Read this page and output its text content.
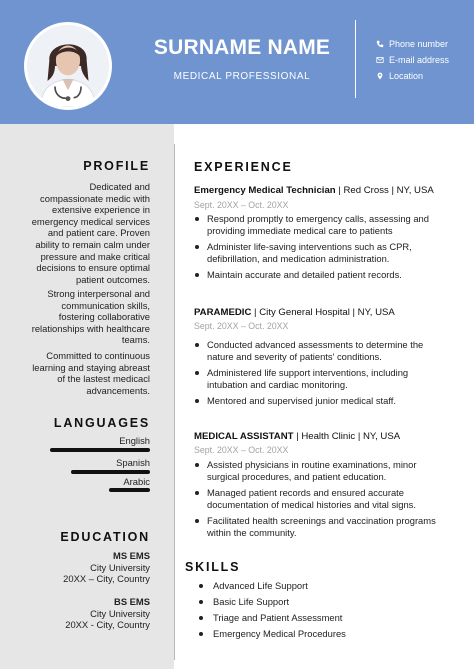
SURNAME NAME
MEDICAL PROFESSIONAL
Phone number
E-mail address
Location
PROFILE
Dedicated and
compassionate medic with
extensive experience in
emergency medical services
and patient care. Proven
ability to remain calm under
pressure and make critical
decisions to ensure optimal
patient outcomes.
Strong interpersonal and
communication skills,
fostering collaborative
relationships with healthcare
teams.
Committed to continuous
learning and staying abreast
of the lastest medicacl
advancements.
LANGUAGES
English
Spanish
Arabic
EDUCATION
MS EMS
City University
20XX – City, Country
BS EMS
City University
20XX - City, Country
EXPERIENCE
Emergency Medical Technician | Red Cross | NY, USA
Sept. 20XX – Oct. 20XX
Respond promptly to emergency calls, assessing and providing immediate medical care to patients
Administer life-saving interventions such as CPR, defibrillation, and medication administration.
Maintain accurate and detailed patient records.
PARAMEDIC | City General Hospital | NY, USA
Sept. 20XX – Oct. 20XX
Conducted advanced assessments to determine the nature and severity of patients' conditions.
Administered life support interventions, including intubation and cardiac monitoring.
Mentored and supervised junior medical staff.
MEDICAL ASSISTANT | Health Clinic | NY, USA
Sept. 20XX – Oct. 20XX
Assisted physicians in routine examinations, minor surgical procedures, and patient education.
Managed patient records and ensured accurate documentation of medical histories and vital signs.
Facilitated health screenings and vaccination programs within the community.
SKILLS
Advanced Life Support
Basic Life Support
Triage and Patient Assessment
Emergency Medical Procedures
